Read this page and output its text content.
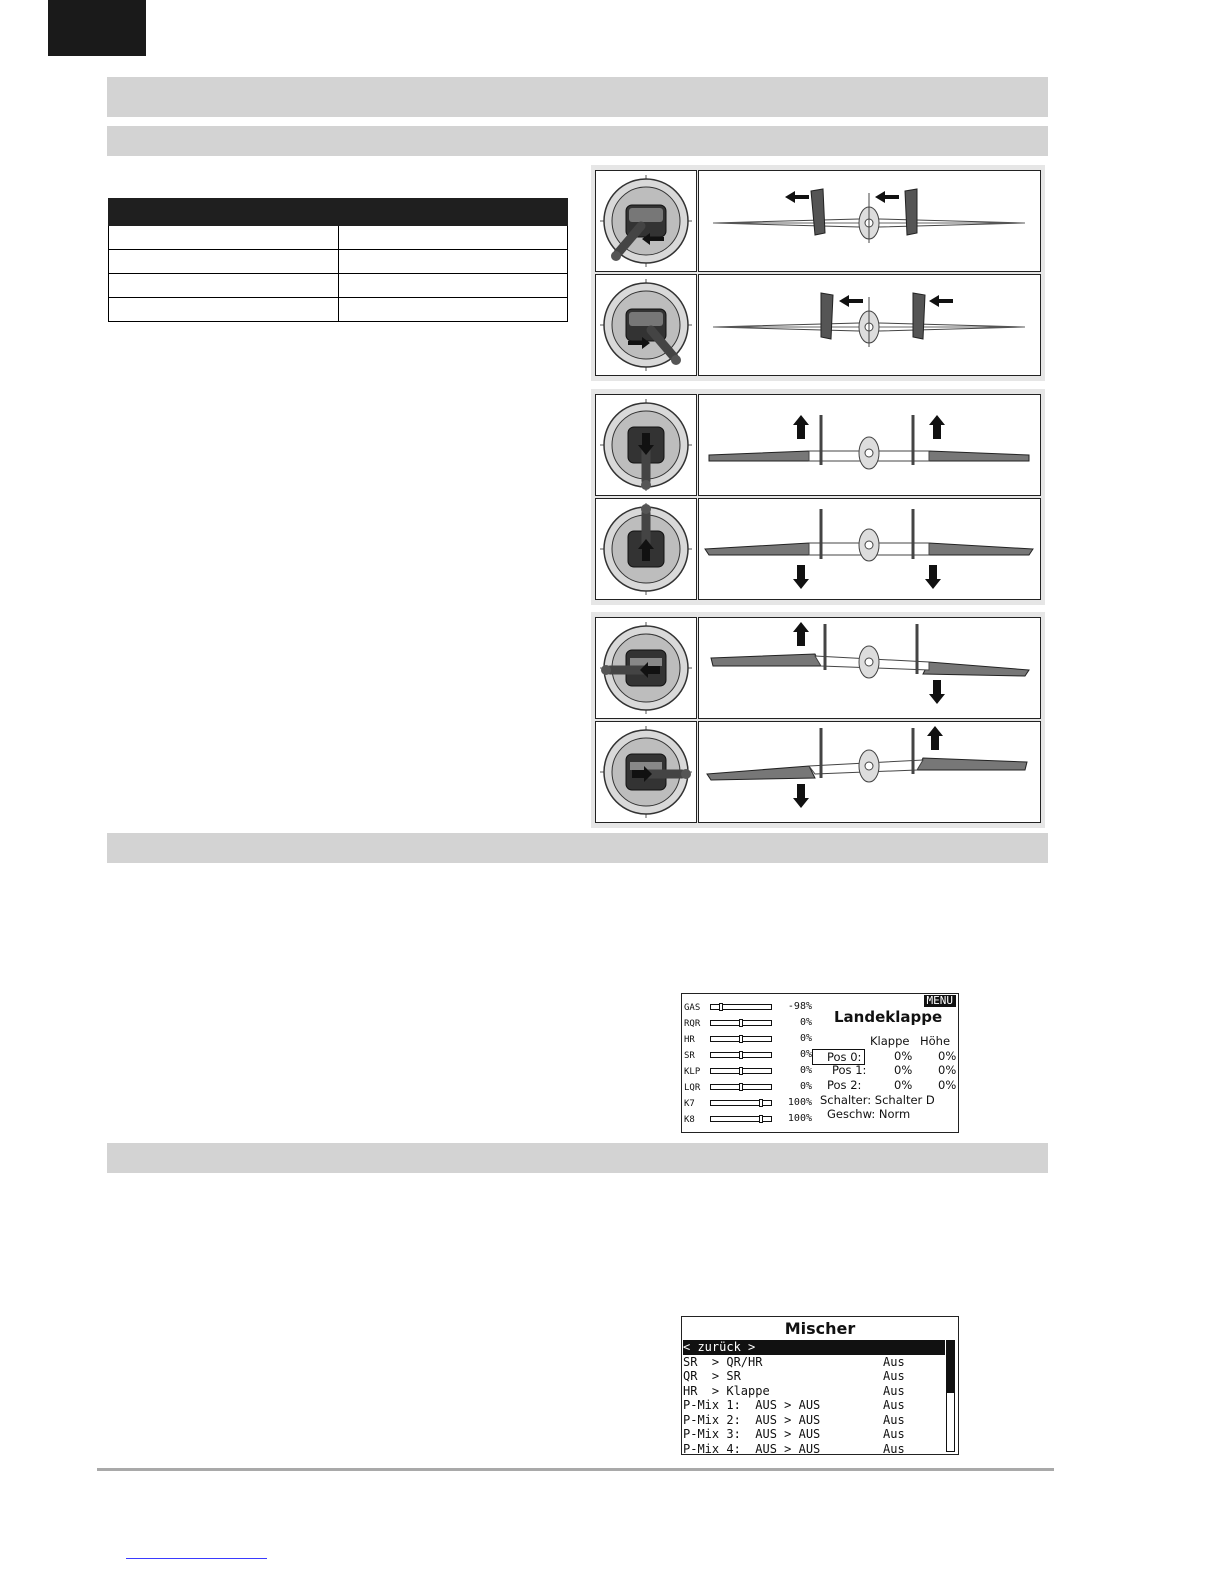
MENU
GAS	-98%
RQR	0%
HR	0%
SR	0%
KLP	0%
LQR	0%
K7	100%
K8	100%
Landeklappe
Klappe Höhe
Pos 0:	0% 0%
Pos 1: 0% 0%
Pos 2:	0% 0%
Schalter: Schalter D
Geschw: Norm
Mischer
< zurück >
SR  > QR/HR	Aus
QR  > SR	Aus
HR  > Klappe	Aus
P-Mix 1:  AUS > AUS	Aus
P-Mix 2:  AUS > AUS	Aus
P-Mix 3:  AUS > AUS	Aus
P-Mix 4:  AUS > AUS	Aus
